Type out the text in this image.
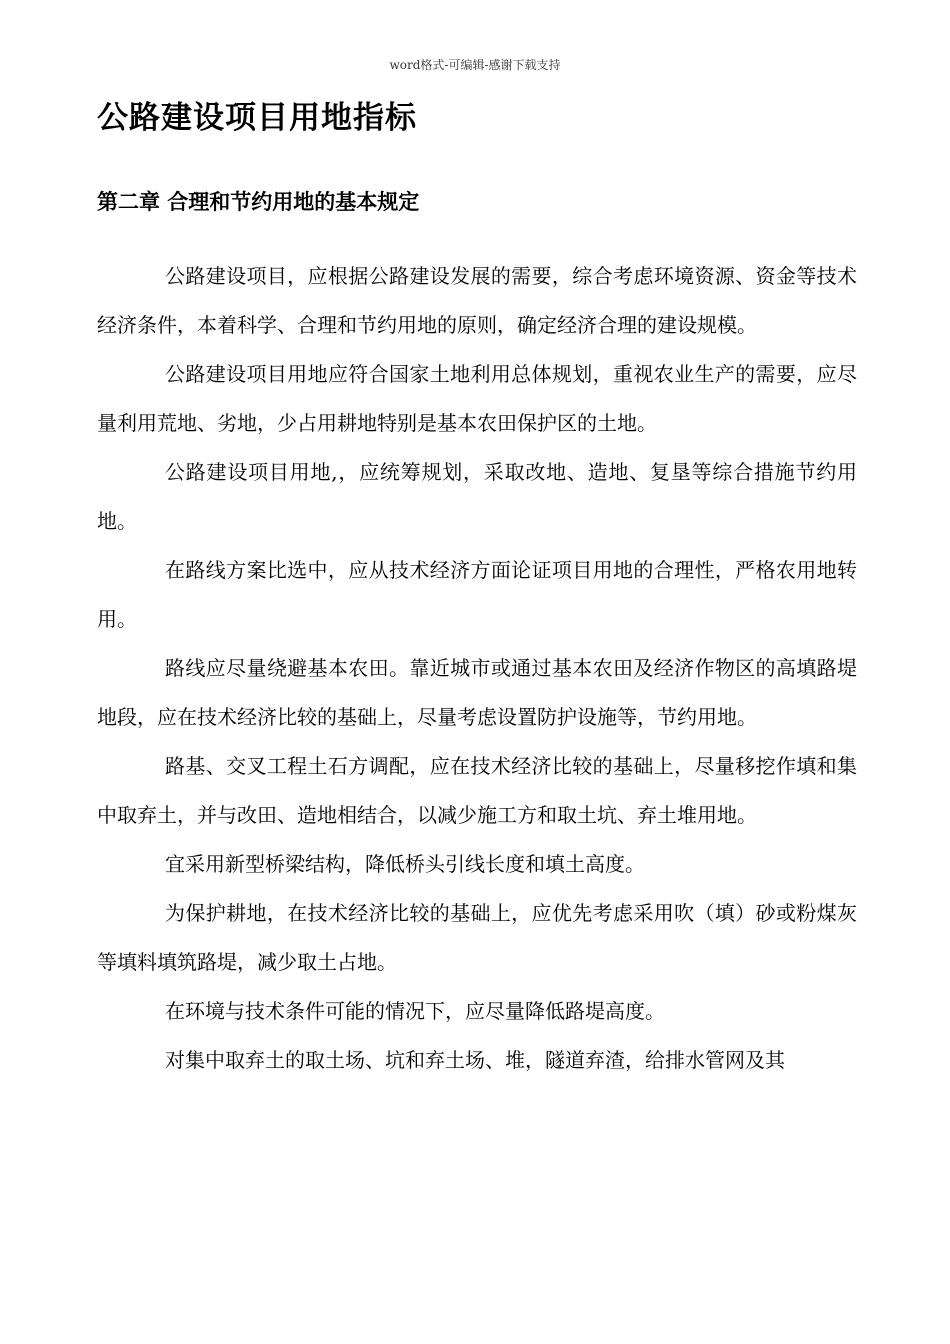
word格式-可编辑-感谢下载支持
公路建设项目用地指标
第二章 合理和节约用地的基本规定

公路建设项目，应根据公路建设发展的需要，综合考虑环境资源、资金等技术经济条件，本着科学、合理和节约用地的原则，确定经济合理的建设规模。

公路建设项目用地应符合国家土地利用总体规划，重视农业生产的需要，应尽量利用荒地、劣地，少占用耕地特别是基本农田保护区的土地。

公路建设项目用地,，应统筹规划，采取改地、造地、复垦等综合措施节约用地。

在路线方案比选中，应从技术经济方面论证项目用地的合理性，严格农用地转用。

路线应尽量绕避基本农田。靠近城市或通过基本农田及经济作物区的高填路堤地段，应在技术经济比较的基础上，尽量考虑设置防护设施等，节约用地。

路基、交叉工程土石方调配，应在技术经济比较的基础上，尽量移挖作填和集中取弃土，并与改田、造地相结合，以减少施工方和取土坑、弃土堆用地。

宜采用新型桥梁结构，降低桥头引线长度和填土高度。

为保护耕地，在技术经济比较的基础上，应优先考虑采用吹（填）砂或粉煤灰等填料填筑路堤，减少取土占地。

在环境与技术条件可能的情况下，应尽量降低路堤高度。

对集中取弃土的取土场、坑和弃土场、堆，隧道弃渣，给排水管网及其
